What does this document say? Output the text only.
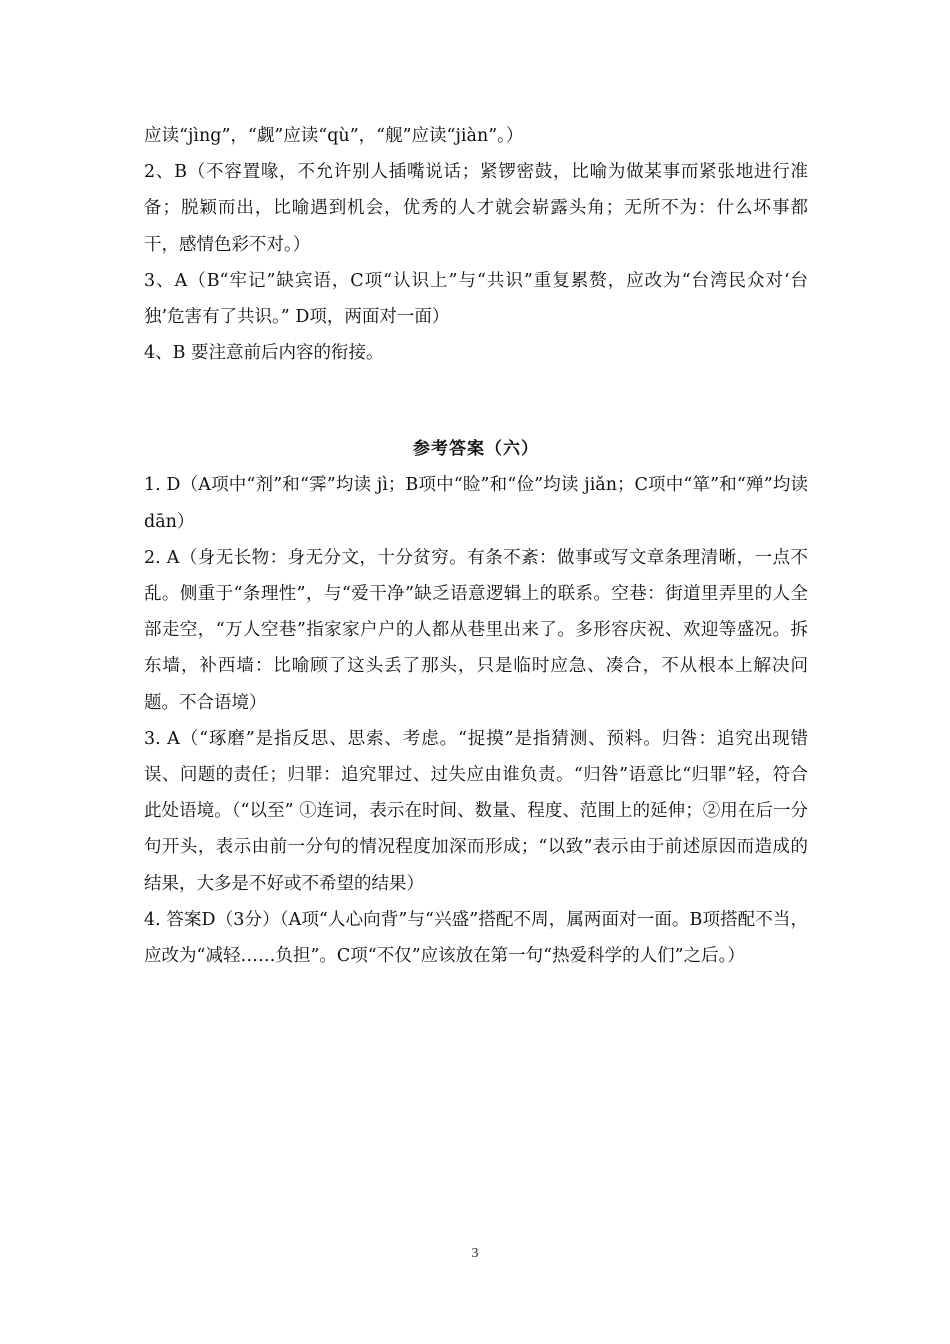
应读“jìng”，“觑”应读“qù”，“舰”应读“jiàn”。）

2、B（不容置喙，不允许别人插嘴说话；紧锣密鼓，比喻为做某事而紧张地进行准备；脱颖而出，比喻遇到机会，优秀的人才就会崭露头角；无所不为：什么坏事都干，感情色彩不对。）

3、A（B“牢记”缺宾语，C项“认识上”与“共识”重复累赘，应改为“台湾民众对‘台独’危害有了共识。” D项，两面对一面）

4、B 要注意前后内容的衔接。

参考答案（六）

1. D（A项中“剂”和“霁”均读 jì；B项中“睑”和“俭”均读 jiǎn；C项中“箪”和“殚”均读 dān）

2. A（身无长物：身无分文，十分贫穷。有条不紊：做事或写文章条理清晰，一点不乱。侧重于“条理性”，与“爱干净”缺乏语意逻辑上的联系。空巷：街道里弄里的人全部走空，“万人空巷”指家家户户的人都从巷里出来了。多形容庆祝、欢迎等盛况。拆东墙，补西墙：比喻顾了这头丢了那头，只是临时应急、凑合，不从根本上解决问题。不合语境）

3. A（“琢磨”是指反思、思索、考虑。“捉摸”是指猜测、预料。归咎：追究出现错误、问题的责任；归罪：追究罪过、过失应由谁负责。“归咎”语意比“归罪”轻，符合此处语境。（“以至” ①连词，表示在时间、数量、程度、范围上的延伸；②用在后一分句开头，表示由前一分句的情况程度加深而形成；“以致”表示由于前述原因而造成的结果，大多是不好或不希望的结果）

4. 答案D（3分）（A项“人心向背”与“兴盛”搭配不周，属两面对一面。B项搭配不当，应改为“减轻……负担”。C项“不仅”应该放在第一句“热爱科学的人们”之后。）

3
